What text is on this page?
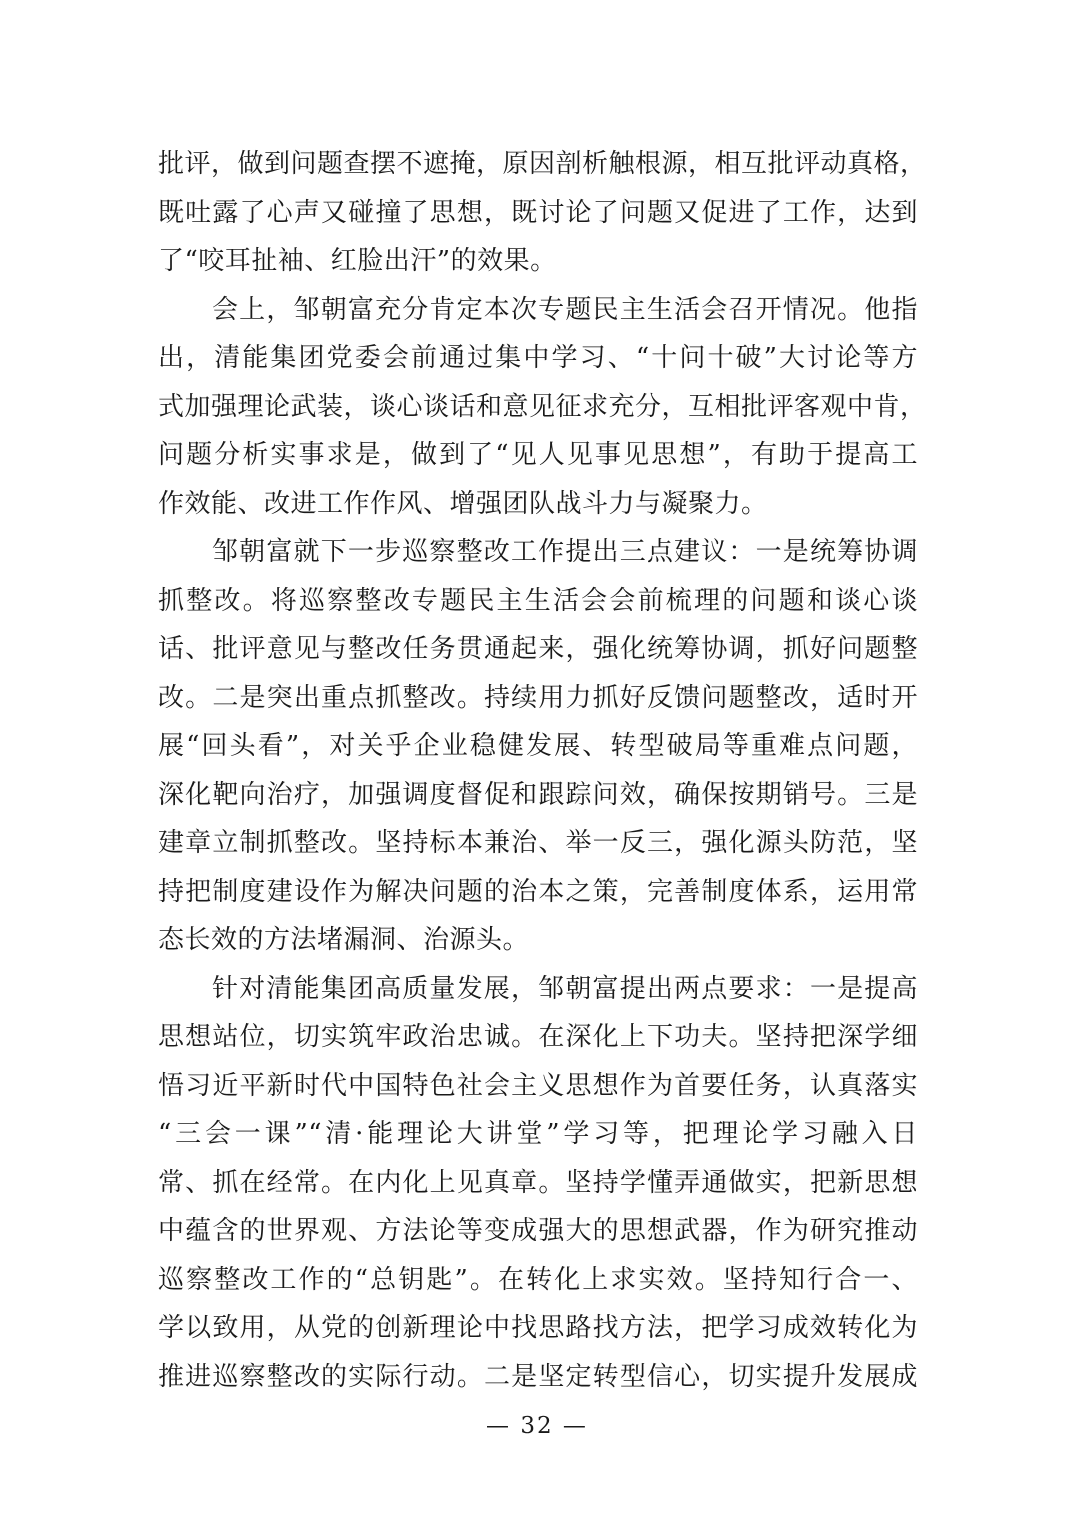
批评，做到问题查摆不遮掩，原因剖析触根源，相互批评动真格，
既吐露了心声又碰撞了思想，既讨论了问题又促进了工作，达到
了“咬耳扯袖、红脸出汗”的效果。
会上，邹朝富充分肯定本次专题民主生活会召开情况。他指
出，清能集团党委会前通过集中学习、“十问十破”大讨论等方
式加强理论武装，谈心谈话和意见征求充分，互相批评客观中肯，
问题分析实事求是，做到了“见人见事见思想”，有助于提高工
作效能、改进工作作风、增强团队战斗力与凝聚力。
邹朝富就下一步巡察整改工作提出三点建议：一是统筹协调
抓整改。将巡察整改专题民主生活会会前梳理的问题和谈心谈
话、批评意见与整改任务贯通起来，强化统筹协调，抓好问题整
改。二是突出重点抓整改。持续用力抓好反馈问题整改，适时开
展“回头看”，对关乎企业稳健发展、转型破局等重难点问题，
深化靶向治疗，加强调度督促和跟踪问效，确保按期销号。三是
建章立制抓整改。坚持标本兼治、举一反三，强化源头防范，坚
持把制度建设作为解决问题的治本之策，完善制度体系，运用常
态长效的方法堵漏洞、治源头。
针对清能集团高质量发展，邹朝富提出两点要求：一是提高
思想站位，切实筑牢政治忠诚。在深化上下功夫。坚持把深学细
悟习近平新时代中国特色社会主义思想作为首要任务，认真落实
“三会一课”“清·能理论大讲堂”学习等，把理论学习融入日
常、抓在经常。在内化上见真章。坚持学懂弄通做实，把新思想
中蕴含的世界观、方法论等变成强大的思想武器，作为研究推动
巡察整改工作的“总钥匙”。在转化上求实效。坚持知行合一、
学以致用，从党的创新理论中找思路找方法，把学习成效转化为
推进巡察整改的实际行动。二是坚定转型信心，切实提升发展成
— 32 —
